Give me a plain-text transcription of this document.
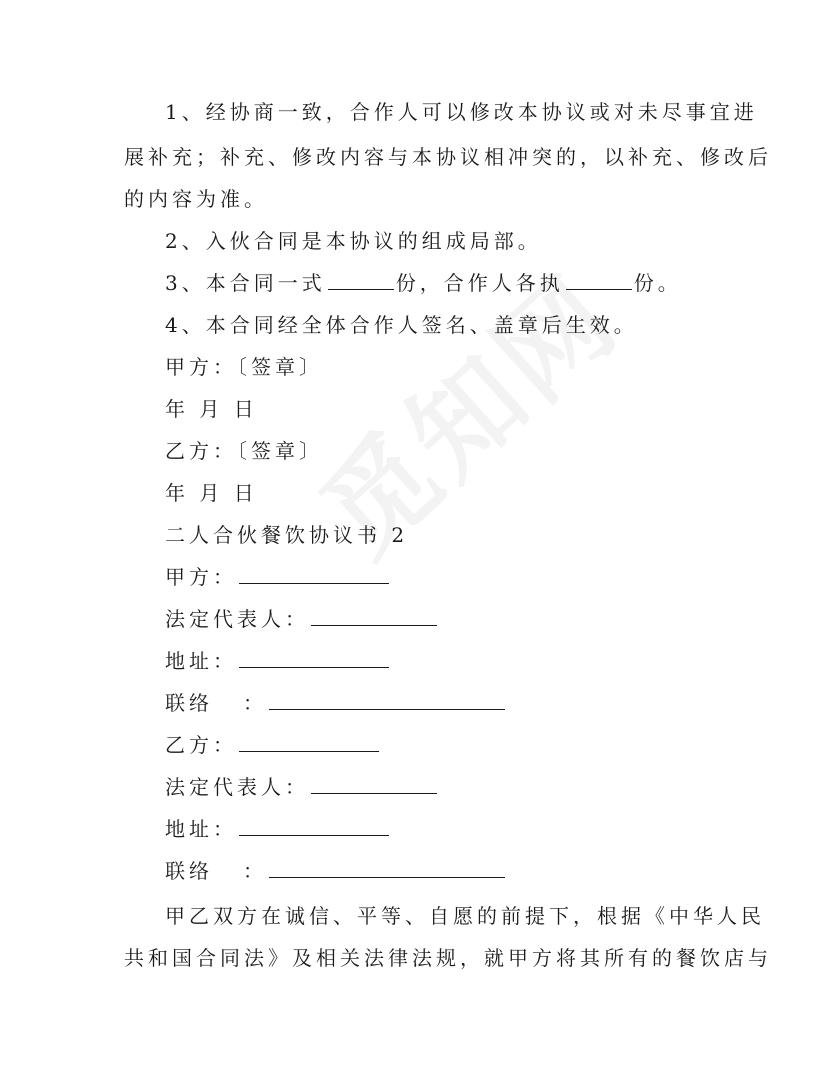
1、经协商一致，合作人可以修改本协议或对未尽事宜进
展补充；补充、修改内容与本协议相冲突的，以补充、修改后
的内容为准。
2、入伙合同是本协议的组成局部。
3、本合同一式	份，合作人各执	份。
4、本合同经全体合作人签名、盖章后生效。
甲方：〔签章〕
年 月 日
乙方：〔签章〕
年 月 日
二人合伙餐饮协议书 2
甲方：
法定代表人：
地址：
联络 ：
乙方：
法定代表人：
地址：
联络 ：
甲乙双方在诚信、平等、自愿的前提下，根据《中华人民
共和国合同法》及相关法律法规，就甲方将其所有的餐饮店与
